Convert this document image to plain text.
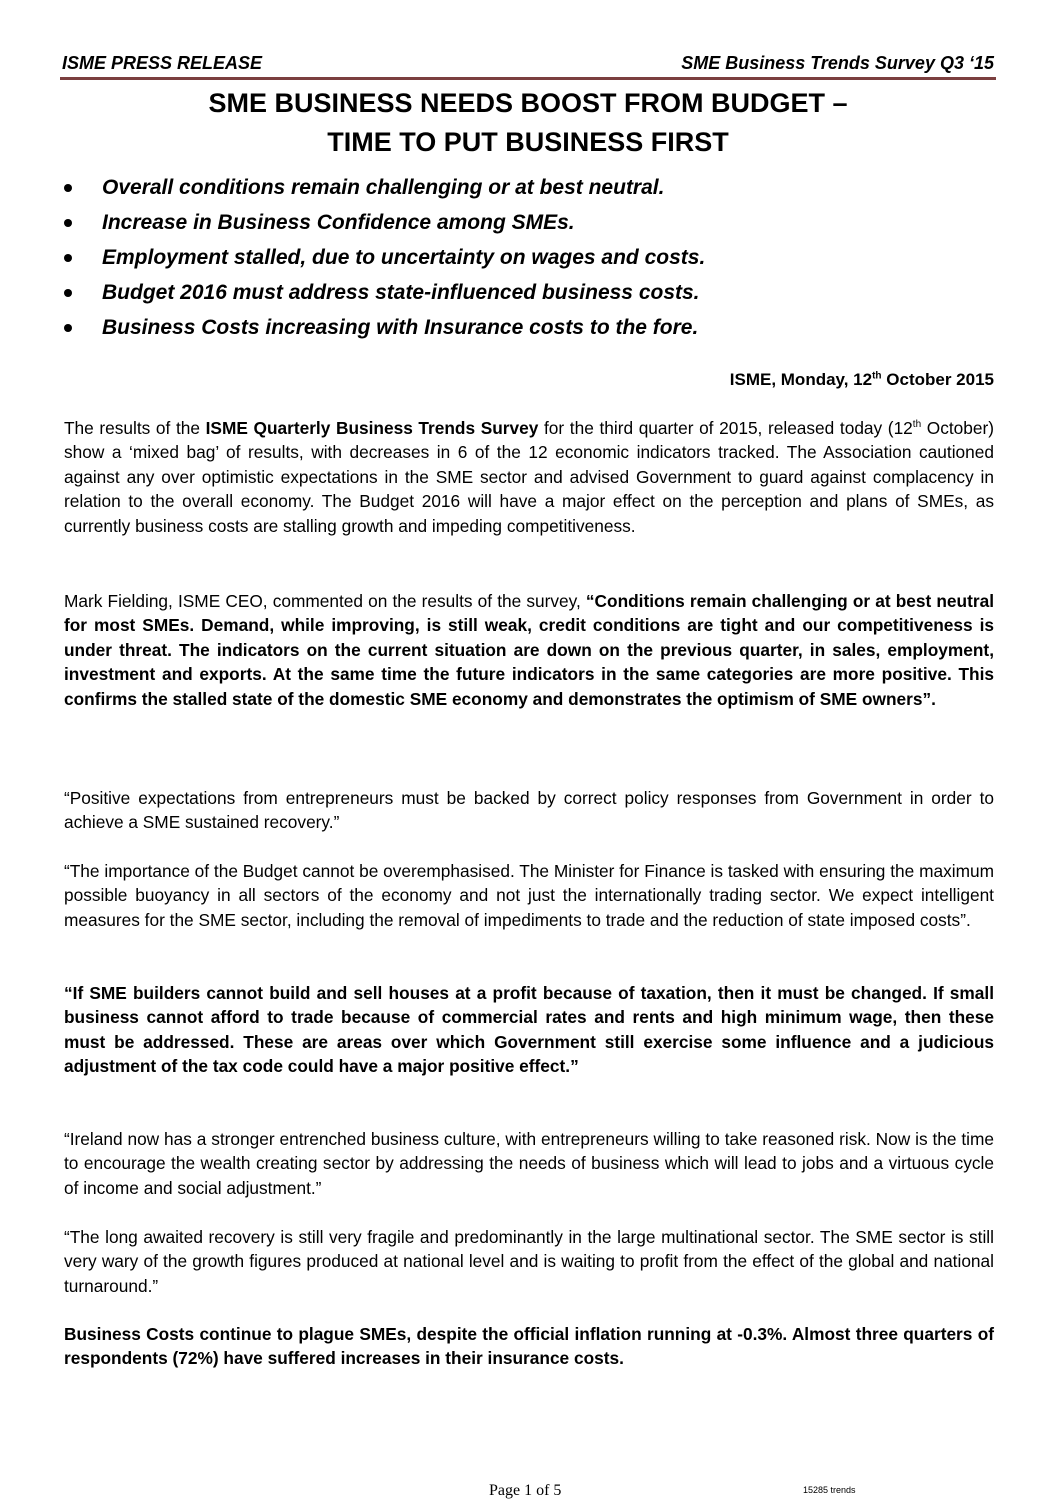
ISME PRESS RELEASE	SME Business Trends Survey Q3 ‘15
SME BUSINESS NEEDS BOOST FROM BUDGET –
TIME TO PUT BUSINESS FIRST
Overall conditions remain challenging or at best neutral.
Increase in Business Confidence among SMEs.
Employment stalled, due to uncertainty on wages and costs.
Budget 2016 must address state-influenced business costs.
Business Costs increasing with Insurance costs to the fore.
ISME, Monday, 12th October 2015

The results of the ISME Quarterly Business Trends Survey for the third quarter of 2015, released today (12th October) show a ‘mixed bag’ of results, with decreases in 6 of the 12 economic indicators tracked. The Association cautioned against any over optimistic expectations in the SME sector and advised Government to guard against complacency in relation to the overall economy. The Budget 2016 will have a major effect on the perception and plans of SMEs, as currently business costs are stalling growth and impeding competitiveness.

Mark Fielding, ISME CEO, commented on the results of the survey, “Conditions remain challenging or at best neutral for most SMEs. Demand, while improving, is still weak, credit conditions are tight and our competitiveness is under threat. The indicators on the current situation are down on the previous quarter, in sales, employment, investment and exports. At the same time the future indicators in the same categories are more positive. This confirms the stalled state of the domestic SME economy and demonstrates the optimism of SME owners”.

“Positive expectations from entrepreneurs must be backed by correct policy responses from Government in order to achieve a SME sustained recovery.”

“The importance of the Budget cannot be overemphasised. The Minister for Finance is tasked with ensuring the maximum possible buoyancy in all sectors of the economy and not just the internationally trading sector. We expect intelligent measures for the SME sector, including the removal of impediments to trade and the reduction of state imposed costs”.

“If SME builders cannot build and sell houses at a profit because of taxation, then it must be changed. If small business cannot afford to trade because of commercial rates and rents and high minimum wage, then these must be addressed. These are areas over which Government still exercise some influence and a judicious adjustment of the tax code could have a major positive effect.”

“Ireland now has a stronger entrenched business culture, with entrepreneurs willing to take reasoned risk. Now is the time to encourage the wealth creating sector by addressing the needs of business which will lead to jobs and a virtuous cycle of income and social adjustment.”

“The long awaited recovery is still very fragile and predominantly in the large multinational sector. The SME sector is still very wary of the growth figures produced at national level and is waiting to profit from the effect of the global and national turnaround.”

Business Costs continue to plague SMEs, despite the official inflation running at -0.3%. Almost three quarters of respondents (72%) have suffered increases in their insurance costs.

Page 1 of 5	15285 trends
